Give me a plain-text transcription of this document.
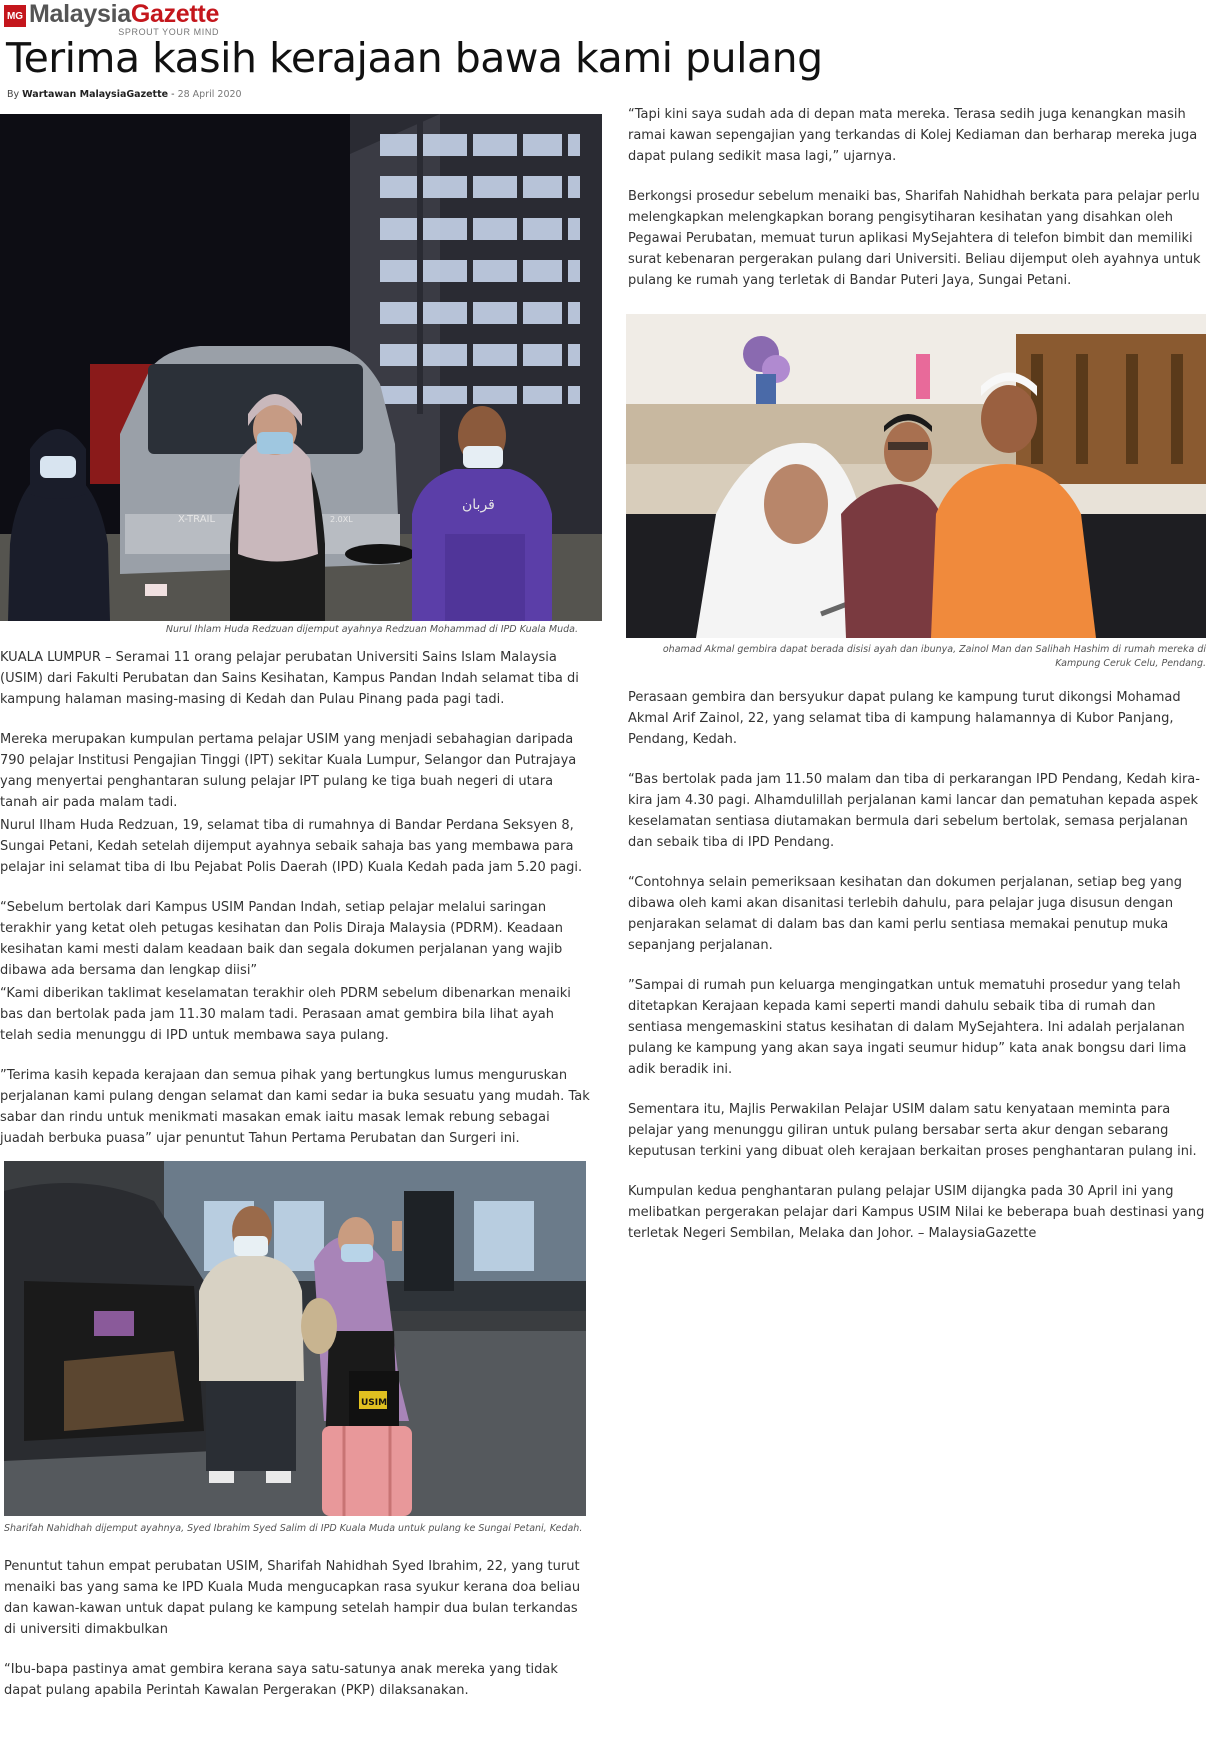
MG MalaysiaGazette
SPROUT YOUR MIND
Terima kasih kerajaan bawa kami pulang
By Wartawan MalaysiaGazette - 28 April 2020
X-TRAIL	2.0XL
قربان
Nurul Ihlam Huda Redzuan dijemput ayahnya Redzuan Mohammad di IPD Kuala Muda.

KUALA LUMPUR – Seramai 11 orang pelajar perubatan Universiti Sains Islam Malaysia (USIM) dari Fakulti Perubatan dan Sains Kesihatan, Kampus Pandan Indah selamat tiba di kampung halaman masing-masing di Kedah dan Pulau Pinang pada pagi tadi.

Mereka merupakan kumpulan pertama pelajar USIM yang menjadi sebahagian daripada 790 pelajar Institusi Pengajian Tinggi (IPT) sekitar Kuala Lumpur, Selangor dan Putrajaya yang menyertai penghantaran sulung pelajar IPT pulang ke tiga buah negeri di utara tanah air pada malam tadi.

Nurul Ilham Huda Redzuan, 19, selamat tiba di rumahnya di Bandar Perdana Seksyen 8, Sungai Petani, Kedah setelah dijemput ayahnya sebaik sahaja bas yang membawa para pelajar ini selamat tiba di Ibu Pejabat Polis Daerah (IPD) Kuala Kedah pada jam 5.20 pagi.

“Sebelum bertolak dari Kampus USIM Pandan Indah, setiap pelajar melalui saringan terakhir yang ketat oleh petugas kesihatan dan Polis Diraja Malaysia (PDRM). Keadaan kesihatan kami mesti dalam keadaan baik dan segala dokumen perjalanan yang wajib dibawa ada bersama dan lengkap diisi”

“Kami diberikan taklimat keselamatan terakhir oleh PDRM sebelum dibenarkan menaiki bas dan bertolak pada jam 11.30 malam tadi. Perasaan amat gembira bila lihat ayah telah sedia menunggu di IPD untuk membawa saya pulang.

”Terima kasih kepada kerajaan dan semua pihak yang bertungkus lumus menguruskan perjalanan kami pulang dengan selamat dan kami sedar ia buka sesuatu yang mudah. Tak sabar dan rindu untuk menikmati masakan emak iaitu masak lemak rebung sebagai juadah berbuka puasa” ujar penuntut Tahun Pertama Perubatan dan Surgeri ini.

USIM
Sharifah Nahidhah dijemput ayahnya, Syed Ibrahim Syed Salim di IPD Kuala Muda untuk pulang ke Sungai Petani, Kedah.

Penuntut tahun empat perubatan USIM, Sharifah Nahidhah Syed Ibrahim, 22, yang turut menaiki bas yang sama ke IPD Kuala Muda mengucapkan rasa syukur kerana doa beliau dan kawan-kawan untuk dapat pulang ke kampung setelah hampir dua bulan terkandas di universiti dimakbulkan

“Ibu-bapa pastinya amat gembira kerana saya satu-satunya anak mereka yang tidak dapat pulang apabila Perintah Kawalan Pergerakan (PKP) dilaksanakan.

“Tapi kini saya sudah ada di depan mata mereka. Terasa sedih juga kenangkan masih ramai kawan sepengajian yang terkandas di Kolej Kediaman dan berharap mereka juga dapat pulang sedikit masa lagi,” ujarnya.

Berkongsi prosedur sebelum menaiki bas, Sharifah Nahidhah berkata para pelajar perlu melengkapkan melengkapkan borang pengisytiharan kesihatan yang disahkan oleh Pegawai Perubatan, memuat turun aplikasi MySejahtera di telefon bimbit dan memiliki surat kebenaran pergerakan pulang dari Universiti. Beliau dijemput oleh ayahnya untuk pulang ke rumah yang terletak di Bandar Puteri Jaya, Sungai Petani.

ohamad Akmal gembira dapat berada disisi ayah dan ibunya, Zainol Man dan Salihah Hashim di rumah mereka di Kampung Ceruk Celu, Pendang.

Perasaan gembira dan bersyukur dapat pulang ke kampung turut dikongsi Mohamad Akmal Arif Zainol, 22, yang selamat tiba di kampung halamannya di Kubor Panjang, Pendang, Kedah.

“Bas bertolak pada jam 11.50 malam dan tiba di perkarangan IPD Pendang, Kedah kira-kira jam 4.30 pagi. Alhamdulillah perjalanan kami lancar dan pematuhan kepada aspek keselamatan sentiasa diutamakan bermula dari sebelum bertolak, semasa perjalanan dan sebaik tiba di IPD Pendang.

“Contohnya selain pemeriksaan kesihatan dan dokumen perjalanan, setiap beg yang dibawa oleh kami akan disanitasi terlebih dahulu, para pelajar juga disusun dengan penjarakan selamat di dalam bas dan kami perlu sentiasa memakai penutup muka sepanjang perjalanan.

”Sampai di rumah pun keluarga mengingatkan untuk mematuhi prosedur yang telah ditetapkan Kerajaan kepada kami seperti mandi dahulu sebaik tiba di rumah dan sentiasa mengemaskini status kesihatan di dalam MySejahtera. Ini adalah perjalanan pulang ke kampung yang akan saya ingati seumur hidup” kata anak bongsu dari lima adik beradik ini.

Sementara itu, Majlis Perwakilan Pelajar USIM dalam satu kenyataan meminta para pelajar yang menunggu giliran untuk pulang bersabar serta akur dengan sebarang keputusan terkini yang dibuat oleh kerajaan berkaitan proses penghantaran pulang ini.

Kumpulan kedua penghantaran pulang pelajar USIM dijangka pada 30 April ini yang melibatkan pergerakan pelajar dari Kampus USIM Nilai ke beberapa buah destinasi yang terletak Negeri Sembilan, Melaka dan Johor. – MalaysiaGazette
